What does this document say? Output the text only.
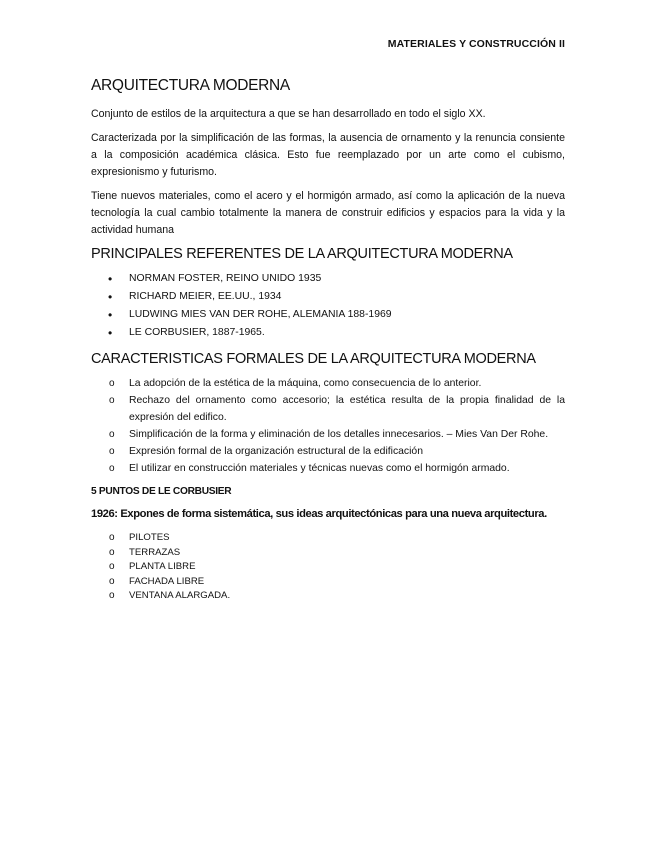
MATERIALES Y CONSTRUCCIÓN II
ARQUITECTURA MODERNA

Conjunto de estilos de la arquitectura a que se han desarrollado en todo el siglo XX.

Caracterizada por la simplificación de las formas, la ausencia de ornamento y la renuncia consiente a la composición académica clásica. Esto fue reemplazado por un arte como el cubismo, expresionismo y futurismo.

Tiene nuevos materiales, como el acero y el hormigón armado, así como la aplicación de la nueva tecnología la cual cambio totalmente la manera de construir edificios y espacios para la vida y la actividad humana

PRINCIPALES REFERENTES DE LA ARQUITECTURA MODERNA
• NORMAN FOSTER, REINO UNIDO 1935
• RICHARD MEIER, EE.UU., 1934
• LUDWING MIES VAN DER ROHE, ALEMANIA 188-1969
• LE CORBUSIER, 1887-1965.
CARACTERISTICAS FORMALES DE LA ARQUITECTURA MODERNA
o La adopción de la estética de la máquina, como consecuencia de lo anterior.
o Rechazo del ornamento como accesorio; la estética resulta de la propia finalidad de la expresión del edifico.
o Simplificación de la forma y eliminación de los detalles innecesarios. – Mies Van Der Rohe.
o Expresión formal de la organización estructural de la edificación
o El utilizar en construcción materiales y técnicas nuevas como el hormigón armado.
5 PUNTOS DE LE CORBUSIER
1926: Expones de forma sistemática, sus ideas arquitectónicas para una nueva arquitectura.
o PILOTES
o TERRAZAS
o PLANTA LIBRE
o FACHADA LIBRE
o VENTANA ALARGADA.
